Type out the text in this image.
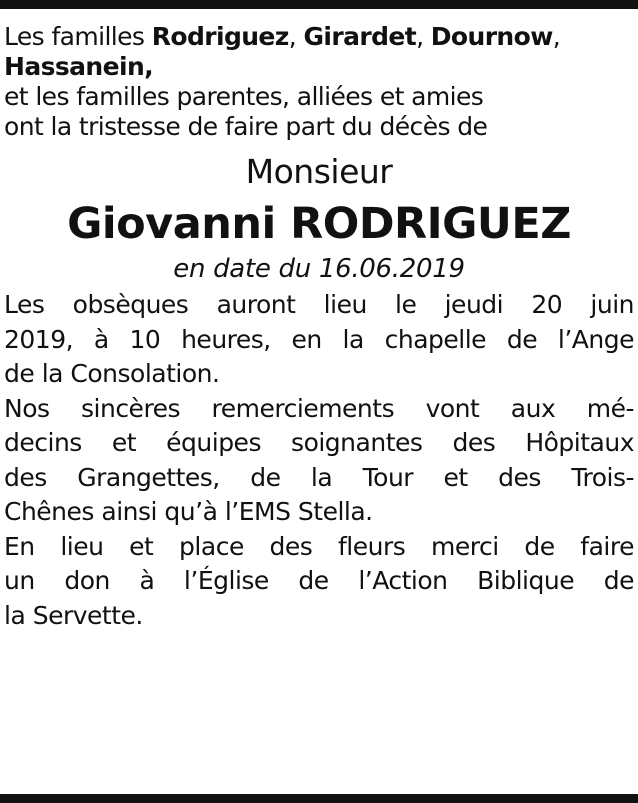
Les familles Rodriguez, Girardet, Dournow,
Hassanein,
et les familles parentes, alliées et amies
ont la tristesse de faire part du décès de
Monsieur
Giovanni RODRIGUEZ
en date du 16.06.2019
Les obsèques auront lieu le jeudi 20 juin
2019, à 10 heures, en la chapelle de l’Ange
de la Consolation.
Nos sincères remerciements vont aux mé-
decins et équipes soignantes des Hôpitaux
des Grangettes, de la Tour et des Trois-
Chênes ainsi qu’à l’EMS Stella.
En lieu et place des fleurs merci de faire
un don à l’Église de l’Action Biblique de
la Servette.
